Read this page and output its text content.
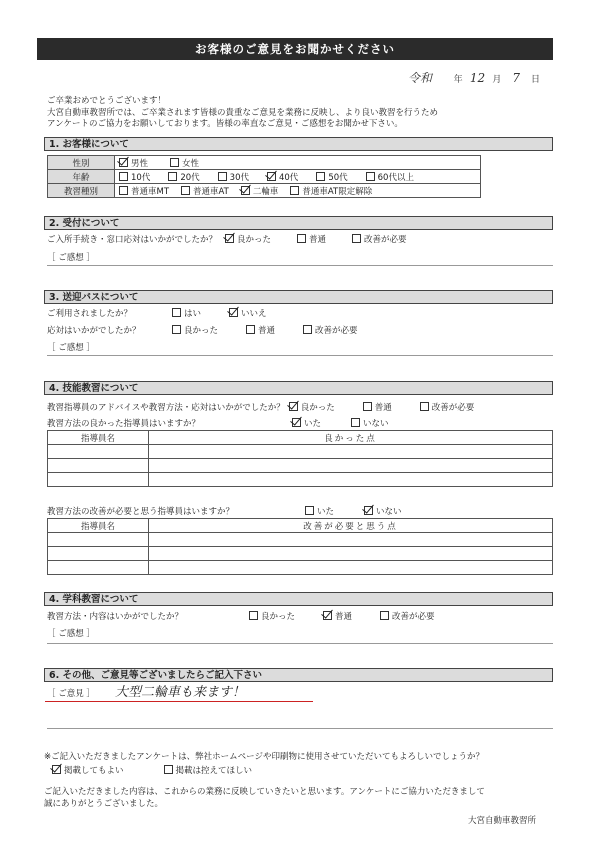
お客様のご意見をお聞かせください
令和 年 12 月 7 日
ご卒業おめでとうございます！
大宮自動車教習所では、ご卒業されます皆様の貴重なご意見を業務に反映し、より良い教習を行うため
アンケートのご協力をお願いしております。皆様の率直なご意見・ご感想をお聞かせ下さい。
1. お客様について
性別	男性 女性
年齢	10代 20代 30代 40代 50代 60代以上
教習種別	普通車MT 普通車AT 二輪車 普通車AT限定解除
2. 受付について
ご入所手続き・窓口応対はいかがでしたか？ 良かった	普通	改善が必要
［ ご感想 ］
3. 送迎バスについて
ご利用されましたか？	はい	いいえ
応対はいかがでしたか？	良かった	普通	改善が必要
［ ご感想 ］
4. 技能教習について
教習指導員のアドバイスや教習方法・応対はいかがでしたか？ 良かった	普通	改善が必要
教習方法の良かった指導員はいますか？	いた	いない
指導員名	良かった点

教習方法の改善が必要と思う指導員はいますか？	いた	いない
指導員名	改善が必要と思う点

4. 学科教習について
教習方法・内容はいかがでしたか？	良かった	普通	改善が必要
［ ご感想 ］
6. その他、ご意見等ございましたらご記入下さい
［ ご意見 ］ 大型二輪車も来ます！
※ご記入いただきましたアンケートは、弊社ホームページや印刷物に使用させていただいてもよろしいでしょうか？
掲載してもよい	掲載は控えてほしい
ご記入いただきました内容は、これからの業務に反映していきたいと思います。アンケートにご協力いただきまして
誠にありがとうございました。
大宮自動車教習所
